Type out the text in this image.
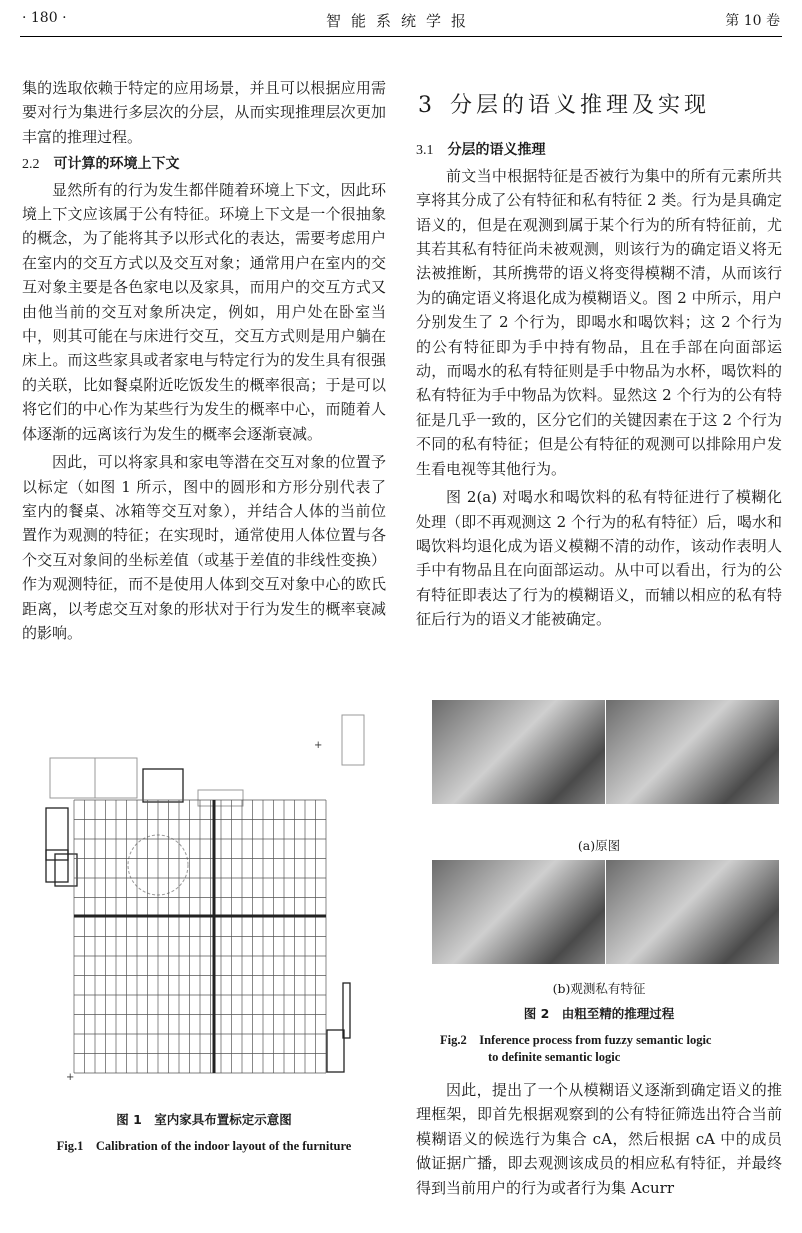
· 180 ·	智能系统学报	第 10 卷

集的选取依赖于特定的应用场景，并且可以根据应用需要对行为集进行多层次的分层，从而实现推理层次更加丰富的推理过程。

2.2 可计算的环境上下文

显然所有的行为发生都伴随着环境上下文，因此环境上下文应该属于公有特征。环境上下文是一个很抽象的概念，为了能将其予以形式化的表达，需要考虑用户在室内的交互方式以及交互对象；通常用户在室内的交互对象主要是各色家电以及家具，而用户的交互方式又由他当前的交互对象所决定，例如，用户处在卧室当中，则其可能在与床进行交互，交互方式则是用户躺在床上。而这些家具或者家电与特定行为的发生具有很强的关联，比如餐桌附近吃饭发生的概率很高；于是可以将它们的中心作为某些行为发生的概率中心，而随着人体逐渐的远离该行为发生的概率会逐渐衰减。

因此，可以将家具和家电等潜在交互对象的位置予以标定（如图 1 所示，图中的圆形和方形分别代表了室内的餐桌、冰箱等交互对象），并结合人体的当前位置作为观测的特征；在实现时，通常使用人体位置与各个交互对象间的坐标差值（或基于差值的非线性变换）作为观测特征，而不是使用人体到交互对象中心的欧氏距离，以考虑交互对象的形状对于行为发生的概率衰减的影响。

+
+
图 1　室内家具布置标定示意图
Fig.1　Calibration of the indoor layout of the furniture
3 分层的语义推理及实现
3.1 分层的语义推理

前文当中根据特征是否被行为集中的所有元素所共享将其分成了公有特征和私有特征 2 类。行为是具确定语义的，但是在观测到属于某个行为的所有特征前，尤其若其私有特征尚未被观测，则该行为的确定语义将无法被推断，其所携带的语义将变得模糊不清，从而该行为的确定语义将退化成为模糊语义。图 2 中所示，用户分别发生了 2 个行为，即喝水和喝饮料；这 2 个行为的公有特征即为手中持有物品，且在手部在向面部运动，而喝水的私有特征则是手中物品为水杯，喝饮料的私有特征为手中物品为饮料。显然这 2 个行为的公有特征是几乎一致的，区分它们的关键因素在于这 2 个行为不同的私有特征；但是公有特征的观测可以排除用户发生看电视等其他行为。

图 2(a) 对喝水和喝饮料的私有特征进行了模糊化处理（即不再观测这 2 个行为的私有特征）后，喝水和喝饮料均退化成为语义模糊不清的动作，该动作表明人手中有物品且在向面部运动。从中可以看出，行为的公有特征即表达了行为的模糊语义，而辅以相应的私有特征后行为的语义才能被确定。

(a)原图
(b)观测私有特征
图 2　由粗至精的推理过程
Fig.2　Inference process from fuzzy semantic logic
to definite semantic logic

因此，提出了一个从模糊语义逐渐到确定语义的推理框架，即首先根据观察到的公有特征筛选出符合当前模糊语义的候选行为集合 cA，然后根据 cA 中的成员做证据广播，即去观测该成员的相应私有特征，并最终得到当前用户的行为或者行为集 Acurr
